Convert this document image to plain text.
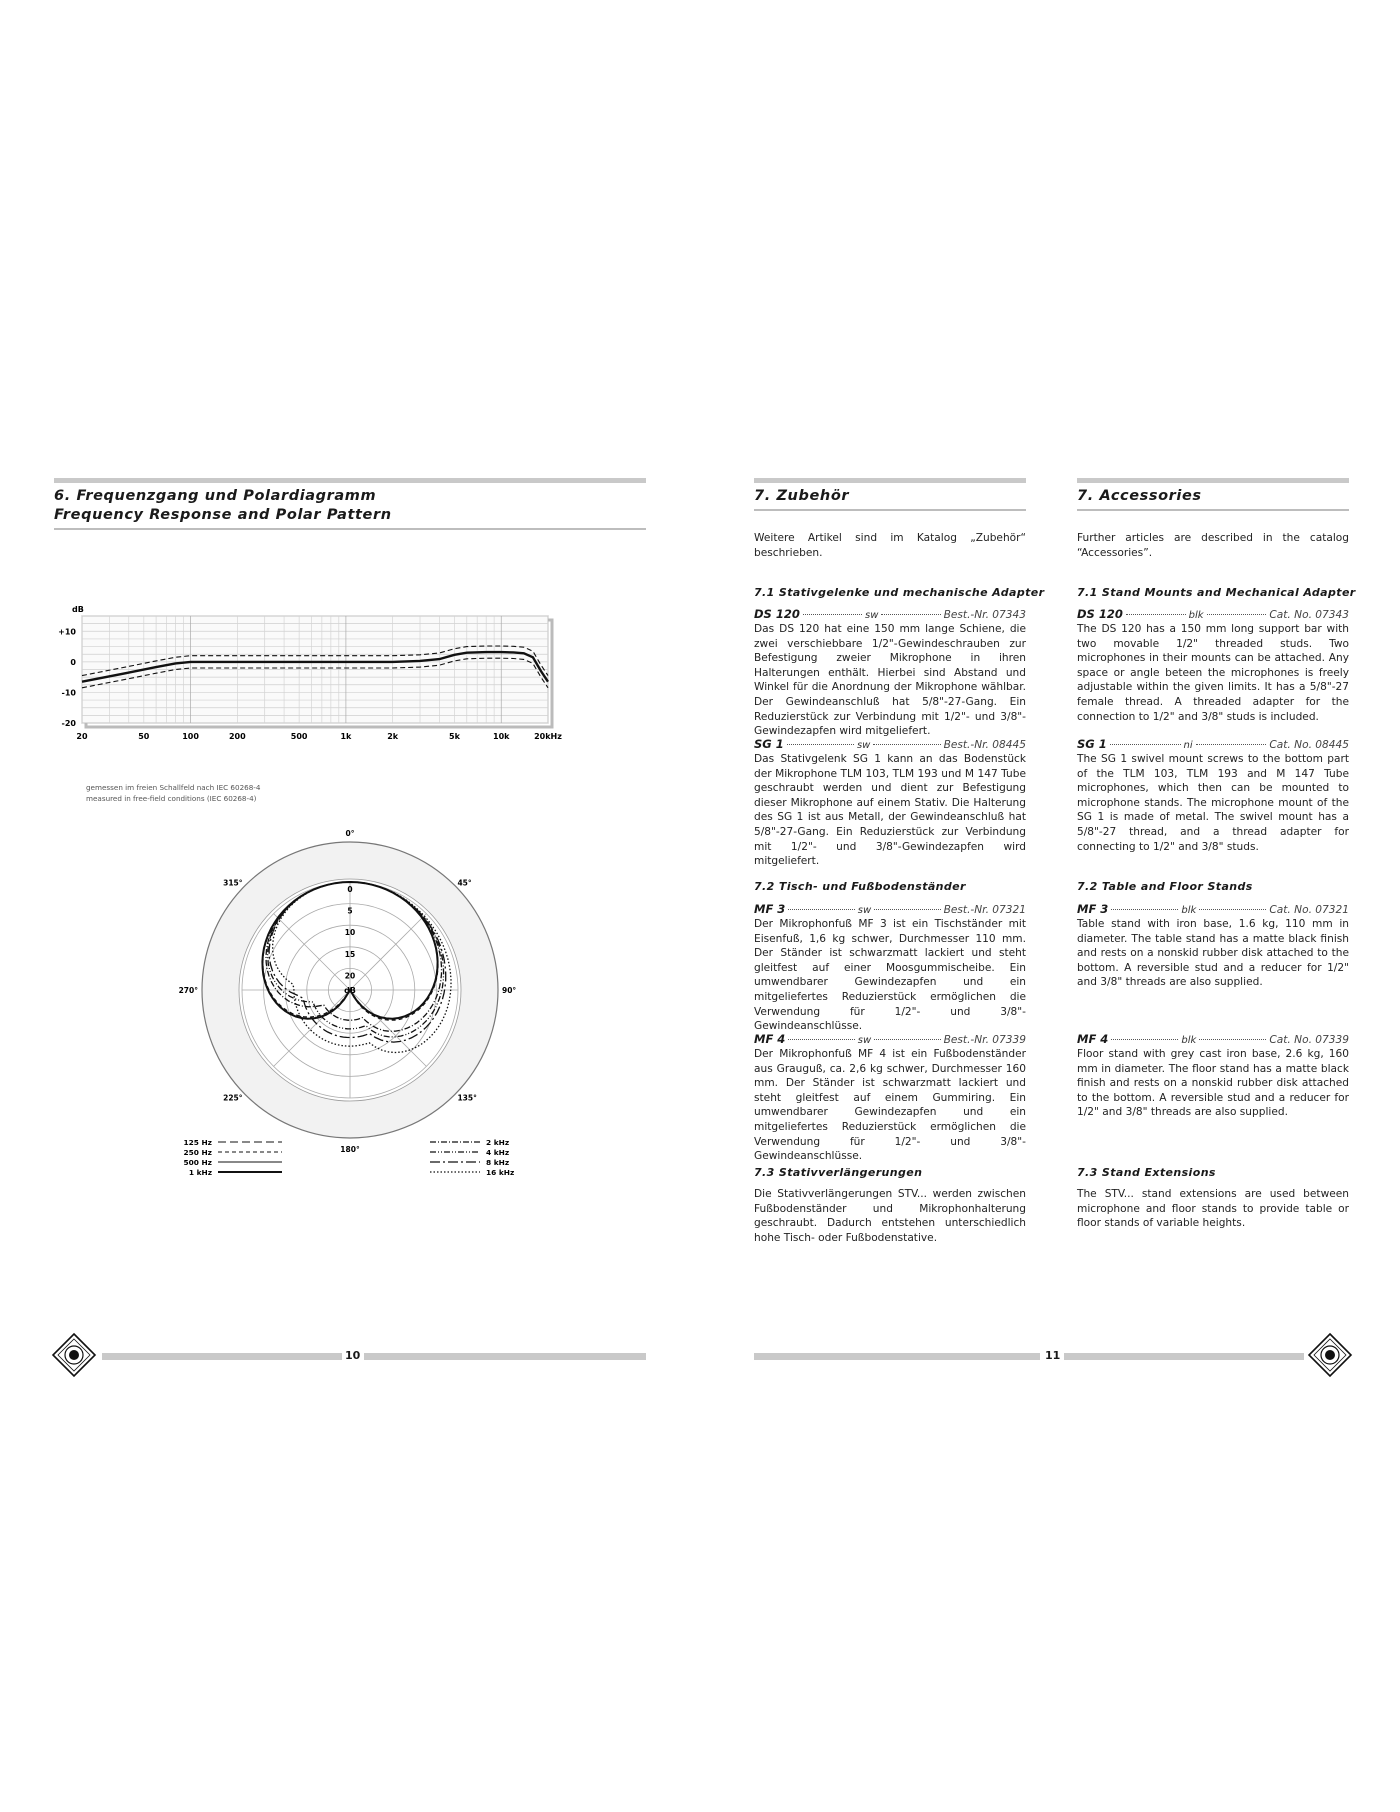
6. Frequenzgang und Polardiagramm
Frequency Response and Polar Pattern
+10
0
-10
-20
20	50	100	200	500	1k	2k	5k	10k	20kHz
dB
gemessen im freien Schallfeld nach IEC 60268-4
measured in free-field conditions (IEC 60268-4)
0°
45°
90°
135°
180°
225°
270°
315°
0
5
10
15
20
dB
125 Hz
250 Hz
500 Hz
1 kHz
2 kHz
4 kHz
8 kHz
16 kHz
10
7. Zubehör
Weitere Artikel sind im Katalog „Zubehör“ beschrieben.
7.1 Stativgelenke und mechanische Adapter
DS 120	sw	Best.-Nr. 07343
Das DS 120 hat eine 150 mm lange Schiene, die zwei verschiebbare 1/2"-Gewindeschrauben zur Befestigung zweier Mikrophone in ihren Halterungen enthält. Hierbei sind Abstand und Winkel für die Anordnung der Mikrophone wählbar. Der Gewindeanschluß hat 5/8"-27-Gang. Ein Reduzierstück zur Verbindung mit 1/2"- und 3/8"-Gewindezapfen wird mitgeliefert.
SG 1	sw	Best.-Nr. 08445
Das Stativgelenk SG 1 kann an das Bodenstück der Mikrophone TLM 103, TLM 193 und M 147 Tube geschraubt werden und dient zur Befestigung dieser Mikrophone auf einem Stativ. Die Halterung des SG 1 ist aus Metall, der Gewindeanschluß hat 5/8"-27-Gang. Ein Reduzierstück zur Verbindung mit 1/2"- und 3/8"-Gewindezapfen wird mitgeliefert.
7.2 Tisch- und Fußbodenständer
MF 3	sw	Best.-Nr. 07321
Der Mikrophonfuß MF 3 ist ein Tischständer mit Eisenfuß, 1,6 kg schwer, Durchmesser 110 mm. Der Ständer ist schwarzmatt lackiert und steht gleitfest auf einer Moosgummischeibe. Ein umwendbarer Gewindezapfen und ein mitgeliefertes Reduzierstück ermöglichen die Verwendung für 1/2"- und 3/8"-Gewindeanschlüsse.
MF 4	sw	Best.-Nr. 07339
Der Mikrophonfuß MF 4 ist ein Fußbodenständer aus Grauguß, ca. 2,6 kg schwer, Durchmesser 160 mm. Der Ständer ist schwarzmatt lackiert und steht gleitfest auf einem Gummiring. Ein umwendbarer Gewindezapfen und ein mitgeliefertes Reduzierstück ermöglichen die Verwendung für 1/2"- und 3/8"-Gewindeanschlüsse.
7.3 Stativverlängerungen
Die Stativverlängerungen STV... werden zwischen Fußbodenständer und Mikrophonhalterung geschraubt. Dadurch entstehen unterschiedlich hohe Tisch- oder Fußbodenstative.
7. Accessories
Further articles are described in the catalog “Accessories”.
7.1 Stand Mounts and Mechanical Adapter
DS 120	blk	Cat. No. 07343
The DS 120 has a 150 mm long support bar with two movable 1/2" threaded studs. Two microphones in their mounts can be attached. Any space or angle beteen the microphones is freely adjustable within the given limits. It has a 5/8"-27 female thread. A threaded adapter for the connection to 1/2" and 3/8" studs is included.
SG 1	ni	Cat. No. 08445
The SG 1 swivel mount screws to the bottom part of the TLM 103, TLM 193 and M 147 Tube microphones, which then can be mounted to microphone stands. The microphone mount of the SG 1 is made of metal. The swivel mount has a 5/8"-27 thread, and a thread adapter for connecting to 1/2" and 3/8" studs.
7.2 Table and Floor Stands
MF 3	blk	Cat. No. 07321
Table stand with iron base, 1.6 kg, 110 mm in diameter. The table stand has a matte black finish and rests on a nonskid rubber disk attached to the bottom. A reversible stud and a reducer for 1/2" and 3/8" threads are also supplied.
MF 4	blk	Cat. No. 07339
Floor stand with grey cast iron base, 2.6 kg, 160 mm in diameter. The floor stand has a matte black finish and rests on a nonskid rubber disk attached to the bottom. A reversible stud and a reducer for 1/2" and 3/8" threads are also supplied.
7.3 Stand Extensions
The STV... stand extensions are used between microphone and floor stands to provide table or floor stands of variable heights.
11
